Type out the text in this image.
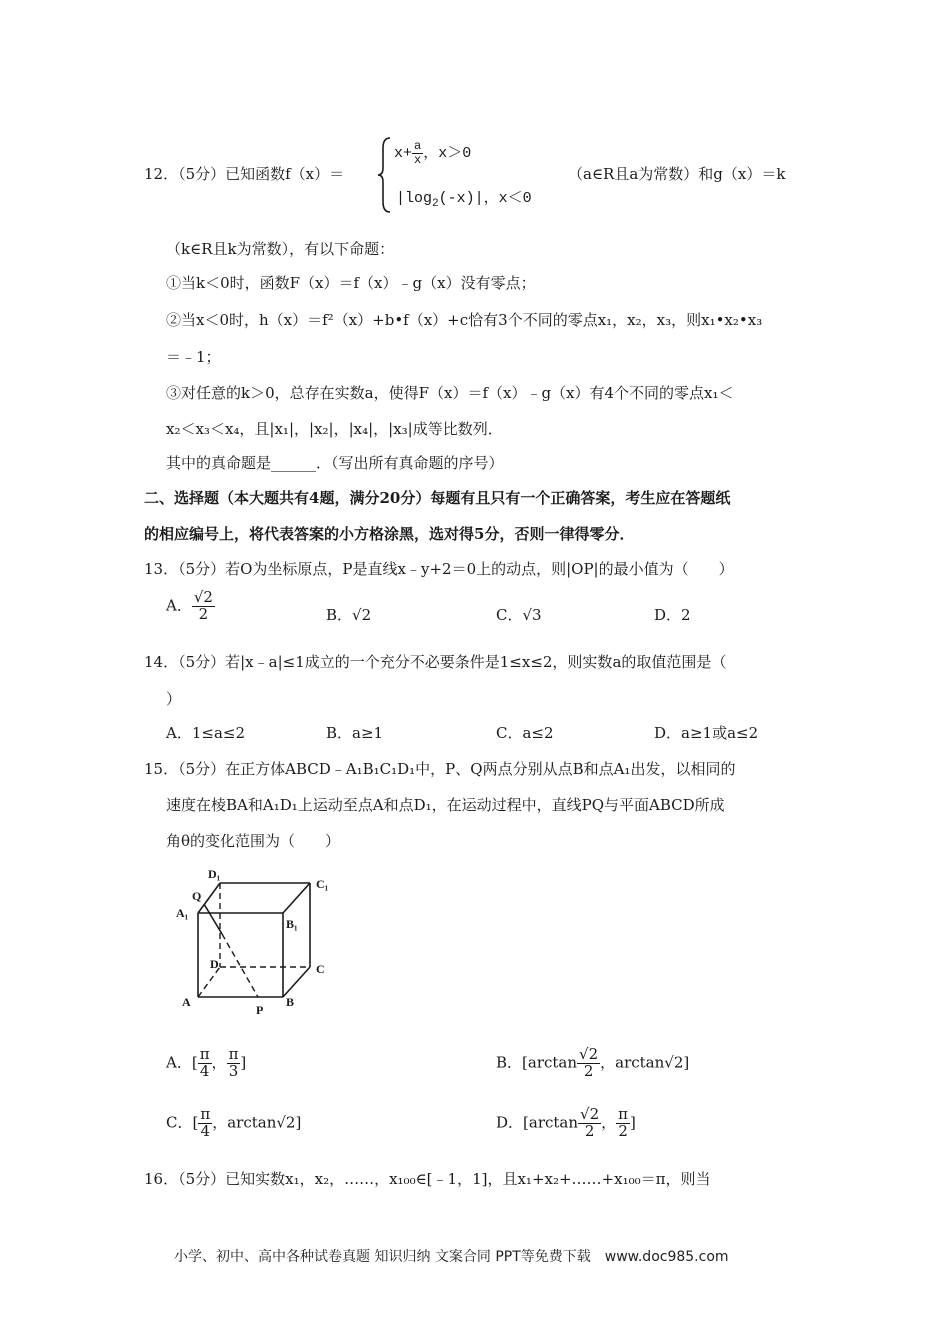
12．（5分）已知函数f（x）＝
$x+ \frac{a}{x}$ ，x＞0
$|\log_2(-x)|$，x＜0
（a∈R且a为常数）和g（x）＝k
（k∈R且k为常数），有以下命题：
①当k＜0时，函数F（x）＝f（x）﹣g（x）没有零点；
②当x＜0时，h（x）＝f²（x）+b•f（x）+c恰有3个不同的零点x₁，x₂，x₃，则x₁•x₂•x₃
＝﹣1；
③对任意的k＞0，总存在实数a，使得F（x）＝f（x）﹣g（x）有4个不同的零点x₁＜
x₂＜x₃＜x₄，且|x₁|，|x₂|，|x₄|，|x₃|成等比数列．
其中的真命题是______．（写出所有真命题的序号）
二、选择题（本大题共有4题，满分20分）每题有且只有一个正确答案，考生应在答题纸
的相应编号上，将代表答案的小方格涂黑，选对得5分，否则一律得零分．
13．（5分）若O为坐标原点，P是直线x﹣y+2＝0上的动点，则|OP|的最小值为（　　）
A． $\frac{√2}{2}$	B．√2	C．√3	D．2
14．（5分）若|x﹣a|≤1成立的一个充分不必要条件是1≤x≤2，则实数a的取值范围是（
）
A．1≤a≤2	B．a≥1	C．a≤2	D．a≥1或a≤2
15．（5分）在正方体ABCD﹣A₁B₁C₁D₁中，P、Q两点分别从点B和点A₁出发，以相同的
速度在棱BA和A₁D₁上运动至点A和点D₁，在运动过程中，直线PQ与平面ABCD所成
角θ的变化范围为（　　）
D₁
C₁
Q
A₁
B₁
D	C
A
P
B
A．[ $\frac{\pi}{4}$ ， $\frac{\pi}{3}$ ]	B．[$\arctan \frac{√2}{2}$ ，arctan√2]
C．[ $\frac{\pi}{4}$ ，arctan√2]	D．[$\arctan \frac{√2}{2}$ ， $\frac{\pi}{2}$ ]
16．（5分）已知实数x₁，x₂，……，x₁₀₀∈[﹣1，1]，且x₁+x₂+……+x₁₀₀＝π，则当
小学、初中、高中各种试卷真题 知识归纳 文案合同 PPT等免费下载　www.doc985.com
